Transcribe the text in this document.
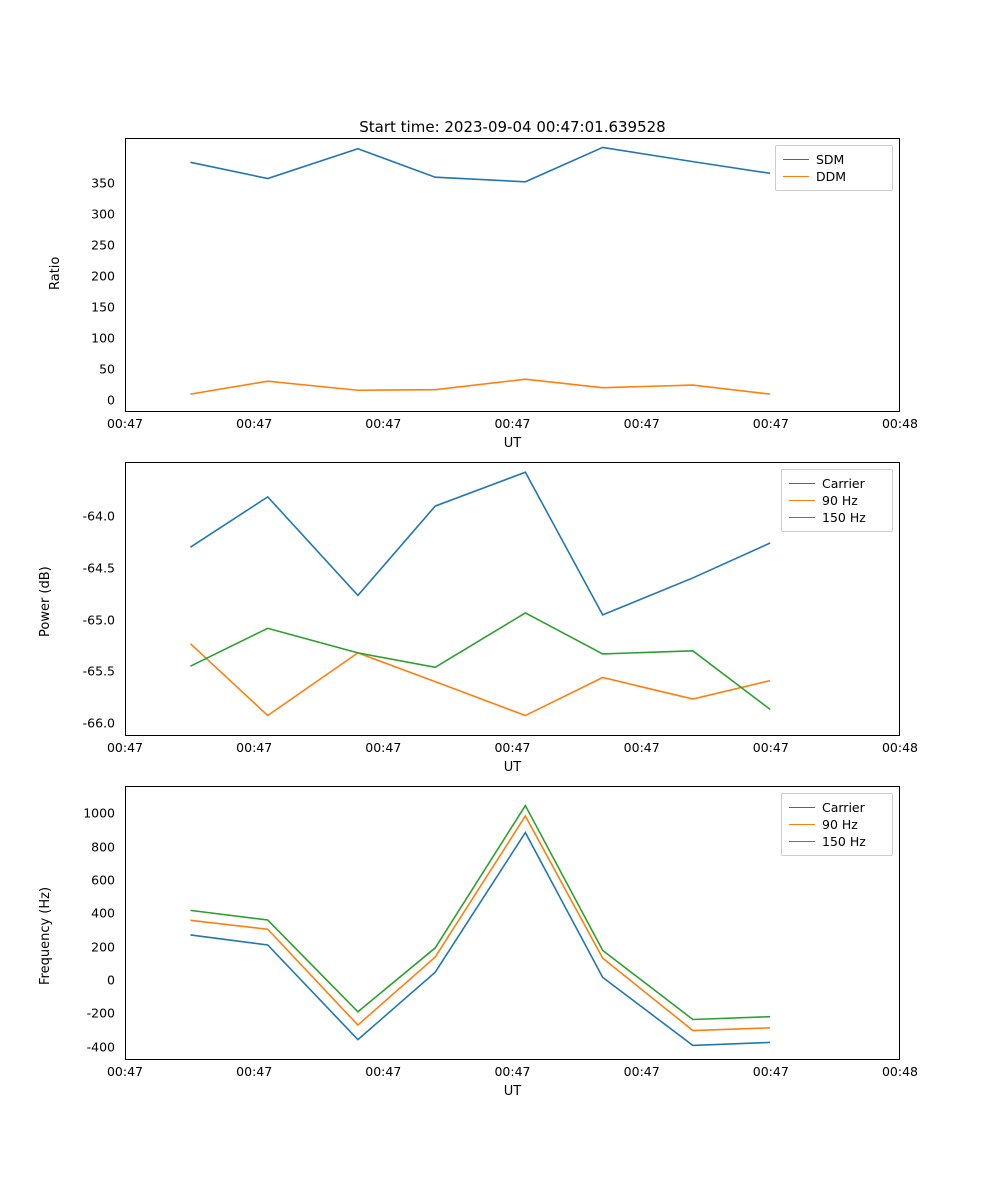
Start time: 2023-09-04 00:47:01.639528
SDM
DDM
0
50
100
150
200
250
300
350
00:47	00:47	00:47	00:47	00:47	00:47	00:48
UT
Ratio
Carrier
90 Hz
150 Hz
-66.0
-65.5
-65.0
-64.5
-64.0
00:47	00:47	00:47	00:47	00:47	00:47	00:48
UT
Power (dB)
Carrier
90 Hz
150 Hz
-400
-200
0
200
400
600
800
1000
00:47	00:47	00:47	00:47	00:47	00:47	00:48
UT
Frequency (Hz)
